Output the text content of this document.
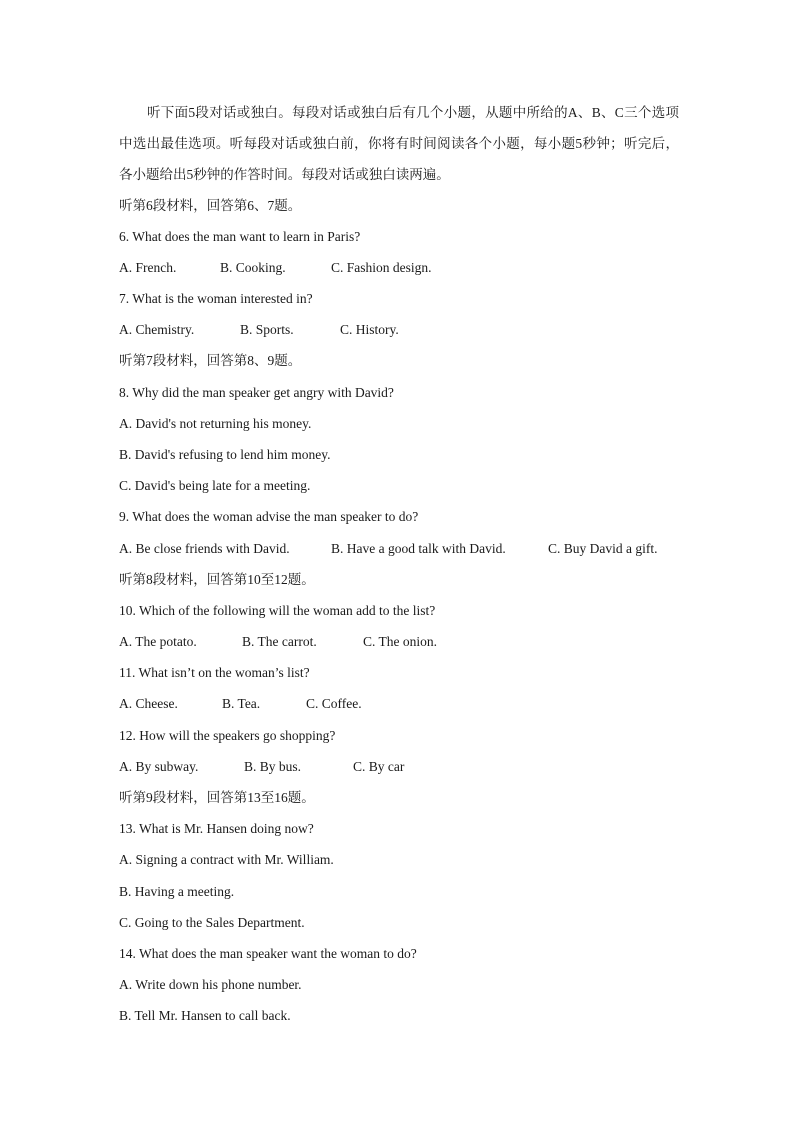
听下面5段对话或独白。每段对话或独白后有几个小题，从题中所给的A、B、C三个选项中选出最佳选项。听每段对话或独白前，你将有时间阅读各个小题，每小题5秒钟；听完后，各小题给出5秒钟的作答时间。每段对话或独白读两遍。
听第6段材料，回答第6、7题。
6. What does the man want to learn in Paris?
A. French.	B. Cooking.	C. Fashion design.
7. What is the woman interested in?
A. Chemistry.	B. Sports.	C. History.
听第7段材料，回答第8、9题。
8. Why did the man speaker get angry with David?
A. David's not returning his money.
B. David's refusing to lend him money.
C. David's being late for a meeting.
9. What does the woman advise the man speaker to do?
A. Be close friends with David.	B. Have a good talk with David.	C. Buy David a gift.
听第8段材料，回答第10至12题。
10. Which of the following will the woman add to the list?
A. The potato.	B. The carrot.	C. The onion.
11. What isn’t on the woman’s list?
A. Cheese.	B. Tea.	C. Coffee.
12. How will the speakers go shopping?
A. By subway.	B. By bus.	C. By car
听第9段材料，回答第13至16题。
13. What is Mr. Hansen doing now?
A. Signing a contract with Mr. William.
B. Having a meeting.
C. Going to the Sales Department.
14. What does the man speaker want the woman to do?
A. Write down his phone number.
B. Tell Mr. Hansen to call back.
